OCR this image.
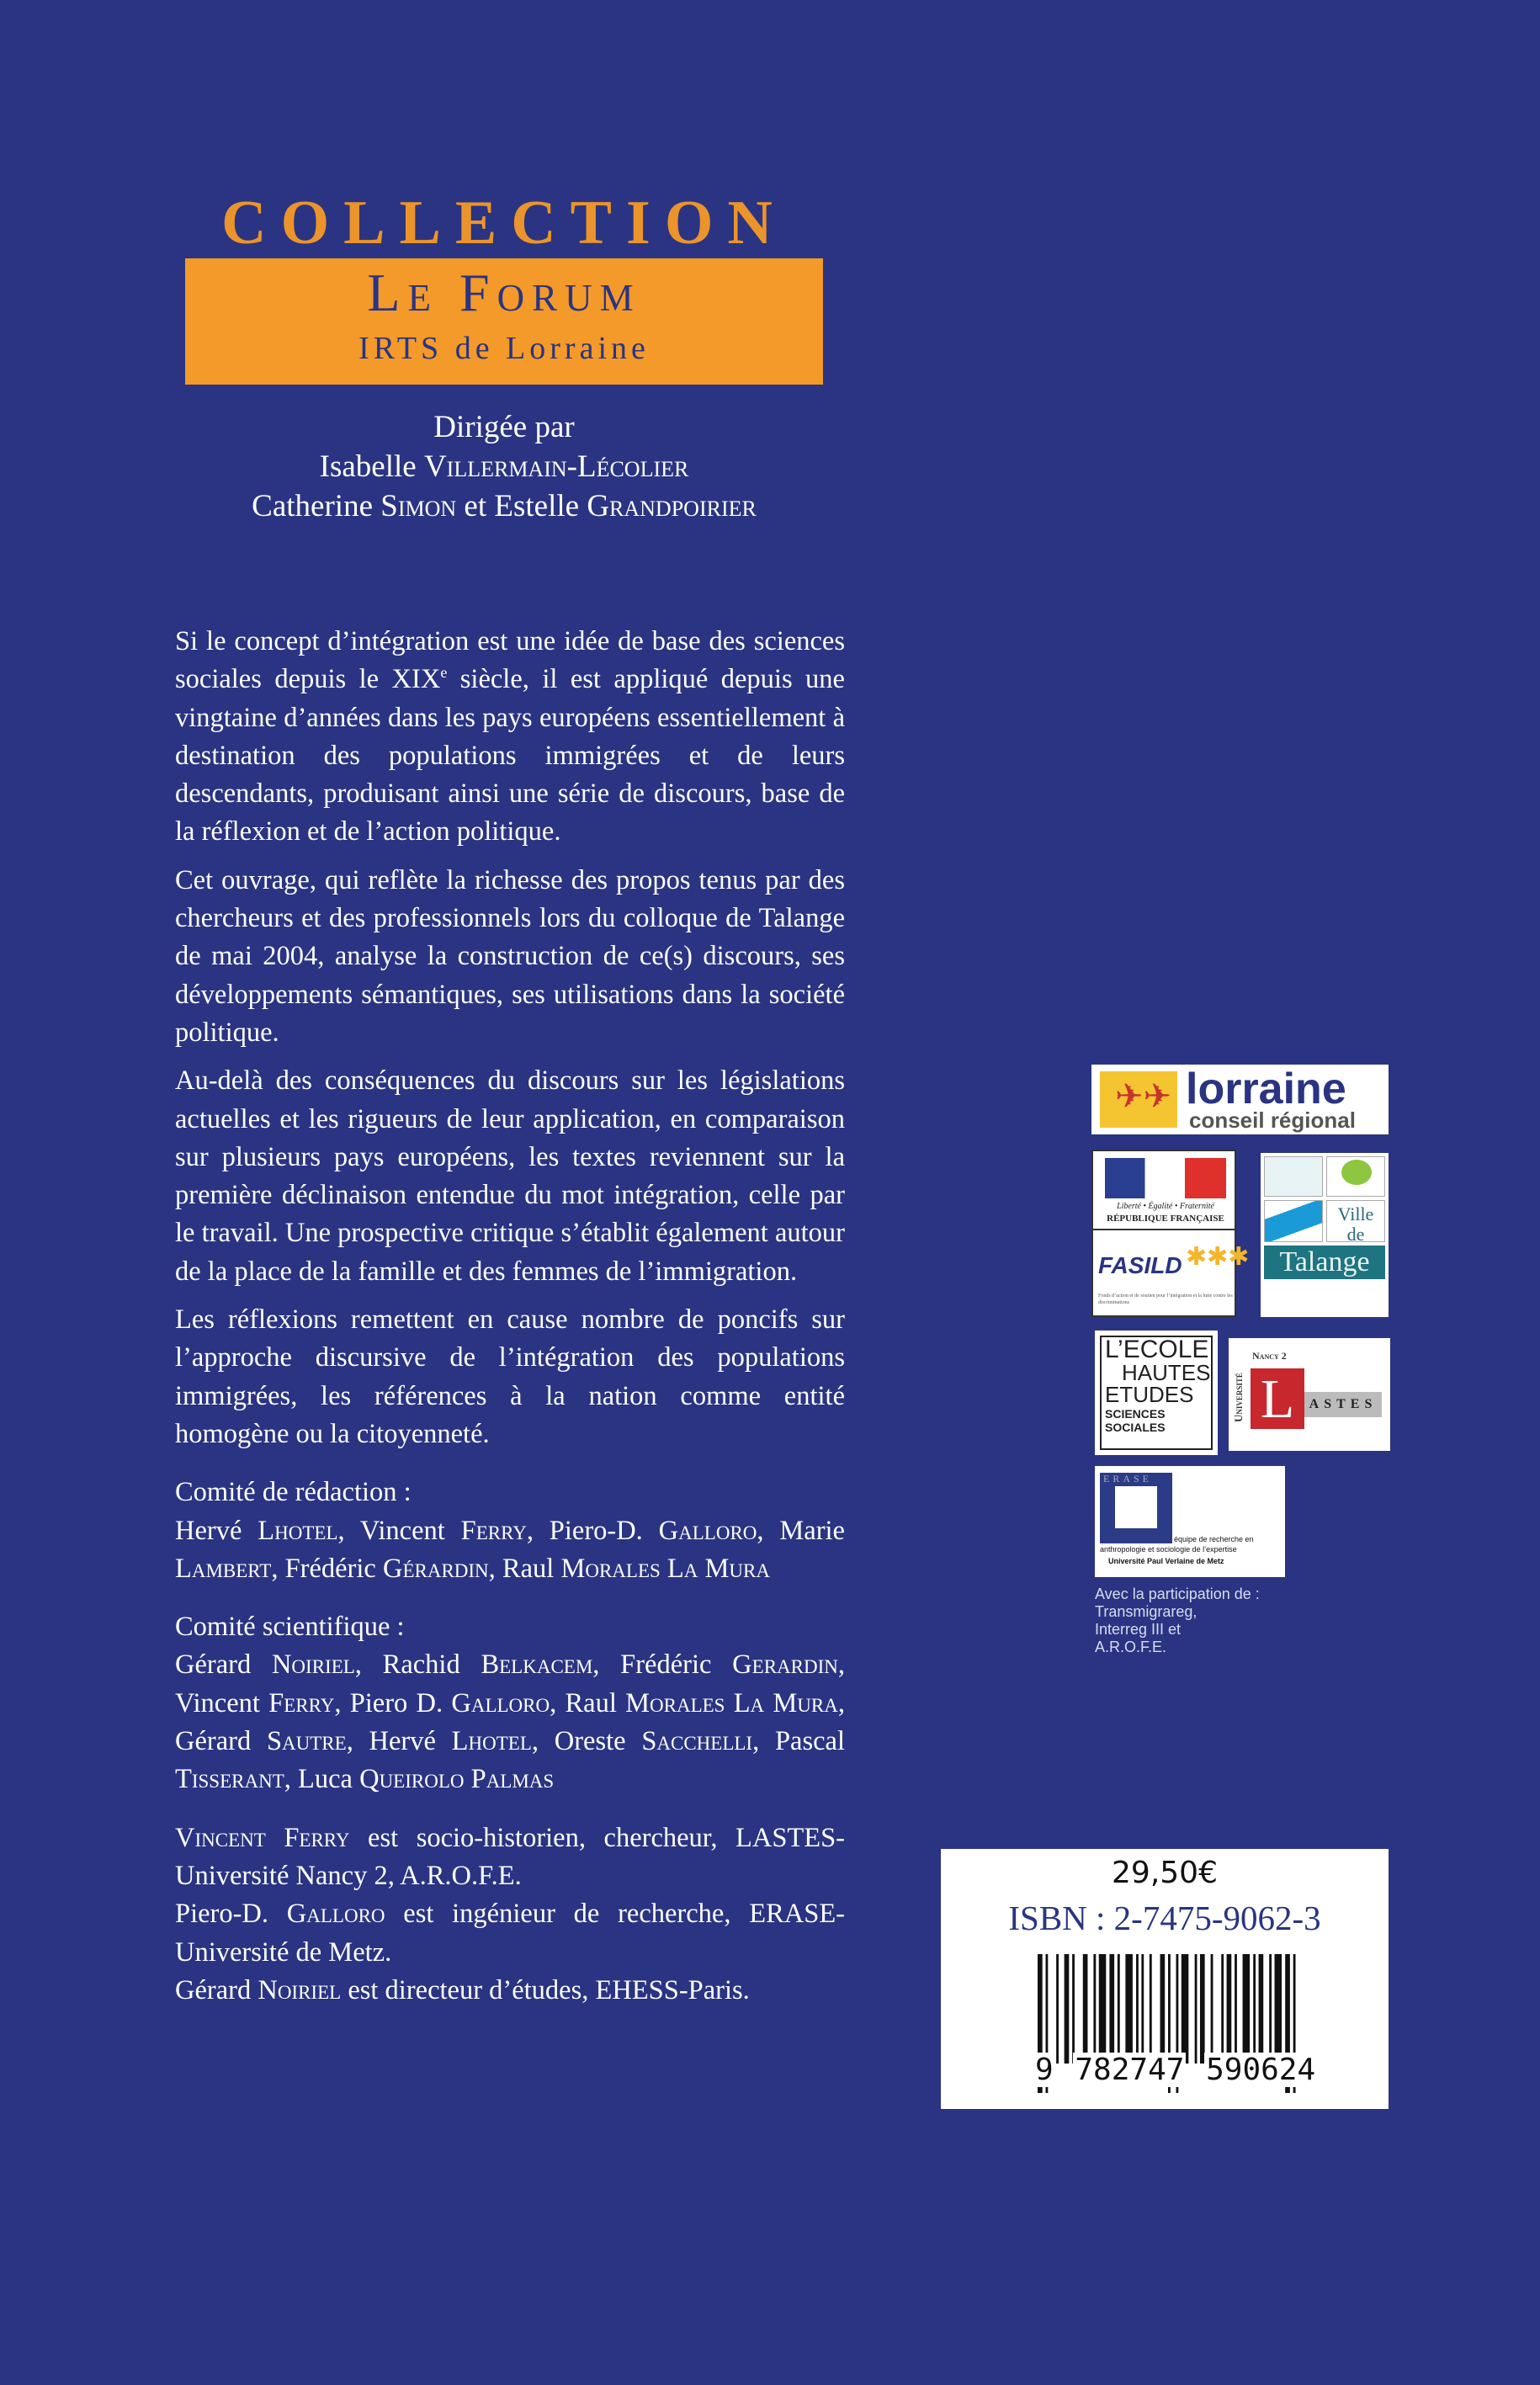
COLLECTION
Le Forum
IRTS de Lorraine
Dirigée par
Isabelle Villermain-Lécolier
Catherine Simon et Estelle Grandpoirier

Si le concept d’intégration est une idée de base des sciences sociales depuis le XIXe siècle, il est appliqué depuis une vingtaine d’années dans les pays européens essentiellement à destination des populations immigrées et de leurs descendants, produisant ainsi une série de discours, base de la réflexion et de l’action politique.

Cet ouvrage, qui reflète la richesse des propos tenus par des chercheurs et des professionnels lors du colloque de Talange de mai 2004, analyse la construction de ce(s) discours, ses développements sémantiques, ses utilisations dans la société politique.

Au-delà des conséquences du discours sur les législations actuelles et les rigueurs de leur application, en comparaison sur plusieurs pays européens, les textes reviennent sur la première déclinaison entendue du mot intégration, celle par le travail. Une prospective critique s’établit également autour de la place de la famille et des femmes de l’immigration.

Les réflexions remettent en cause nombre de poncifs sur l’approche discursive de l’intégration des populations immigrées, les références à la nation comme entité homogène ou la citoyenneté.

Comité de rédaction :

Hervé Lhotel, Vincent Ferry, Piero-D. Galloro, Marie Lambert, Frédéric Gérardin, Raul Morales La Mura

Comité scientifique :

Gérard Noiriel, Rachid Belkacem, Frédéric Gerardin, Vincent Ferry, Piero D. Galloro, Raul Morales La Mura, Gérard Sautre, Hervé Lhotel, Oreste Sacchelli, Pascal Tisserant, Luca Queirolo Palmas

Vincent Ferry est socio-historien, chercheur, LASTES-Université Nancy 2, A.R.O.F.E.

Piero-D. Galloro est ingénieur de recherche, ERASE-Université de Metz.

Gérard Noiriel est directeur d’études, EHESS-Paris.

✈✈ lorraine
conseil régional
Liberté • Égalité • Fraternité
RÉPUBLIQUE FRANÇAISE
FASILD ✱✱✱
Fonds d’action et de soutien pour l’intégration et la lutte contre les discriminations
Ville
de
Talange
L’ECOLE
HAUTES
ETUDES
SCIENCES
SOCIALES
Université
Nancy 2
L	ASTES
ERASE
équipe de recherche en
anthropologie et sociologie de l’expertise
Université Paul Verlaine de Metz
Avec la participation de :
Transmigrareg,
Interreg III et
A.R.O.F.E.
29,50€
ISBN : 2-7475-9062-3
9 782747 590624
